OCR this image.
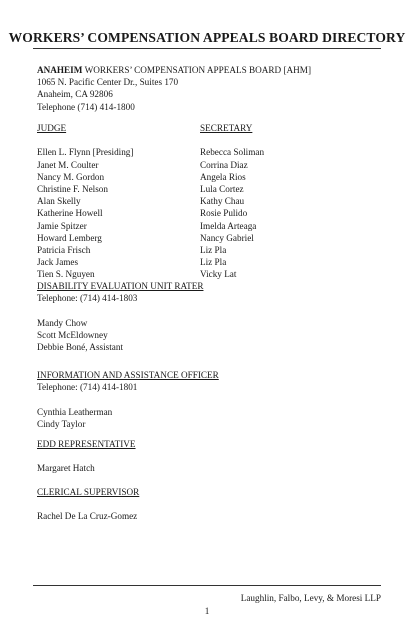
WORKERS’ COMPENSATION APPEALS BOARD DIRECTORY
ANAHEIM WORKERS’ COMPENSATION APPEALS BOARD [AHM]
1065 N. Pacific Center Dr., Suites 170
Anaheim, CA 92806
Telephone (714) 414-1800
JUDGE
Ellen L. Flynn [Presiding]
Janet M. Coulter
Nancy M. Gordon
Christine F. Nelson
Alan Skelly
Katherine Howell
Jamie Spitzer
Howard Lemberg
Patricia Frisch
Jack James
Tien S. Nguyen
SECRETARY
Rebecca Soliman
Corrina Diaz
Angela Rios
Lula Cortez
Kathy Chau
Rosie Pulido
Imelda Arteaga
Nancy Gabriel
Liz Pla
Liz Pla
Vicky Lat
DISABILITY EVALUATION UNIT RATER
Telephone: (714) 414-1803
Mandy Chow
Scott McEldowney
Debbie Boné, Assistant
INFORMATION AND ASSISTANCE OFFICER
Telephone: (714) 414-1801
Cynthia Leatherman
Cindy Taylor
EDD REPRESENTATIVE
Margaret Hatch
CLERICAL SUPERVISOR
Rachel De La Cruz-Gomez
Laughlin, Falbo, Levy, & Moresi LLP
1
